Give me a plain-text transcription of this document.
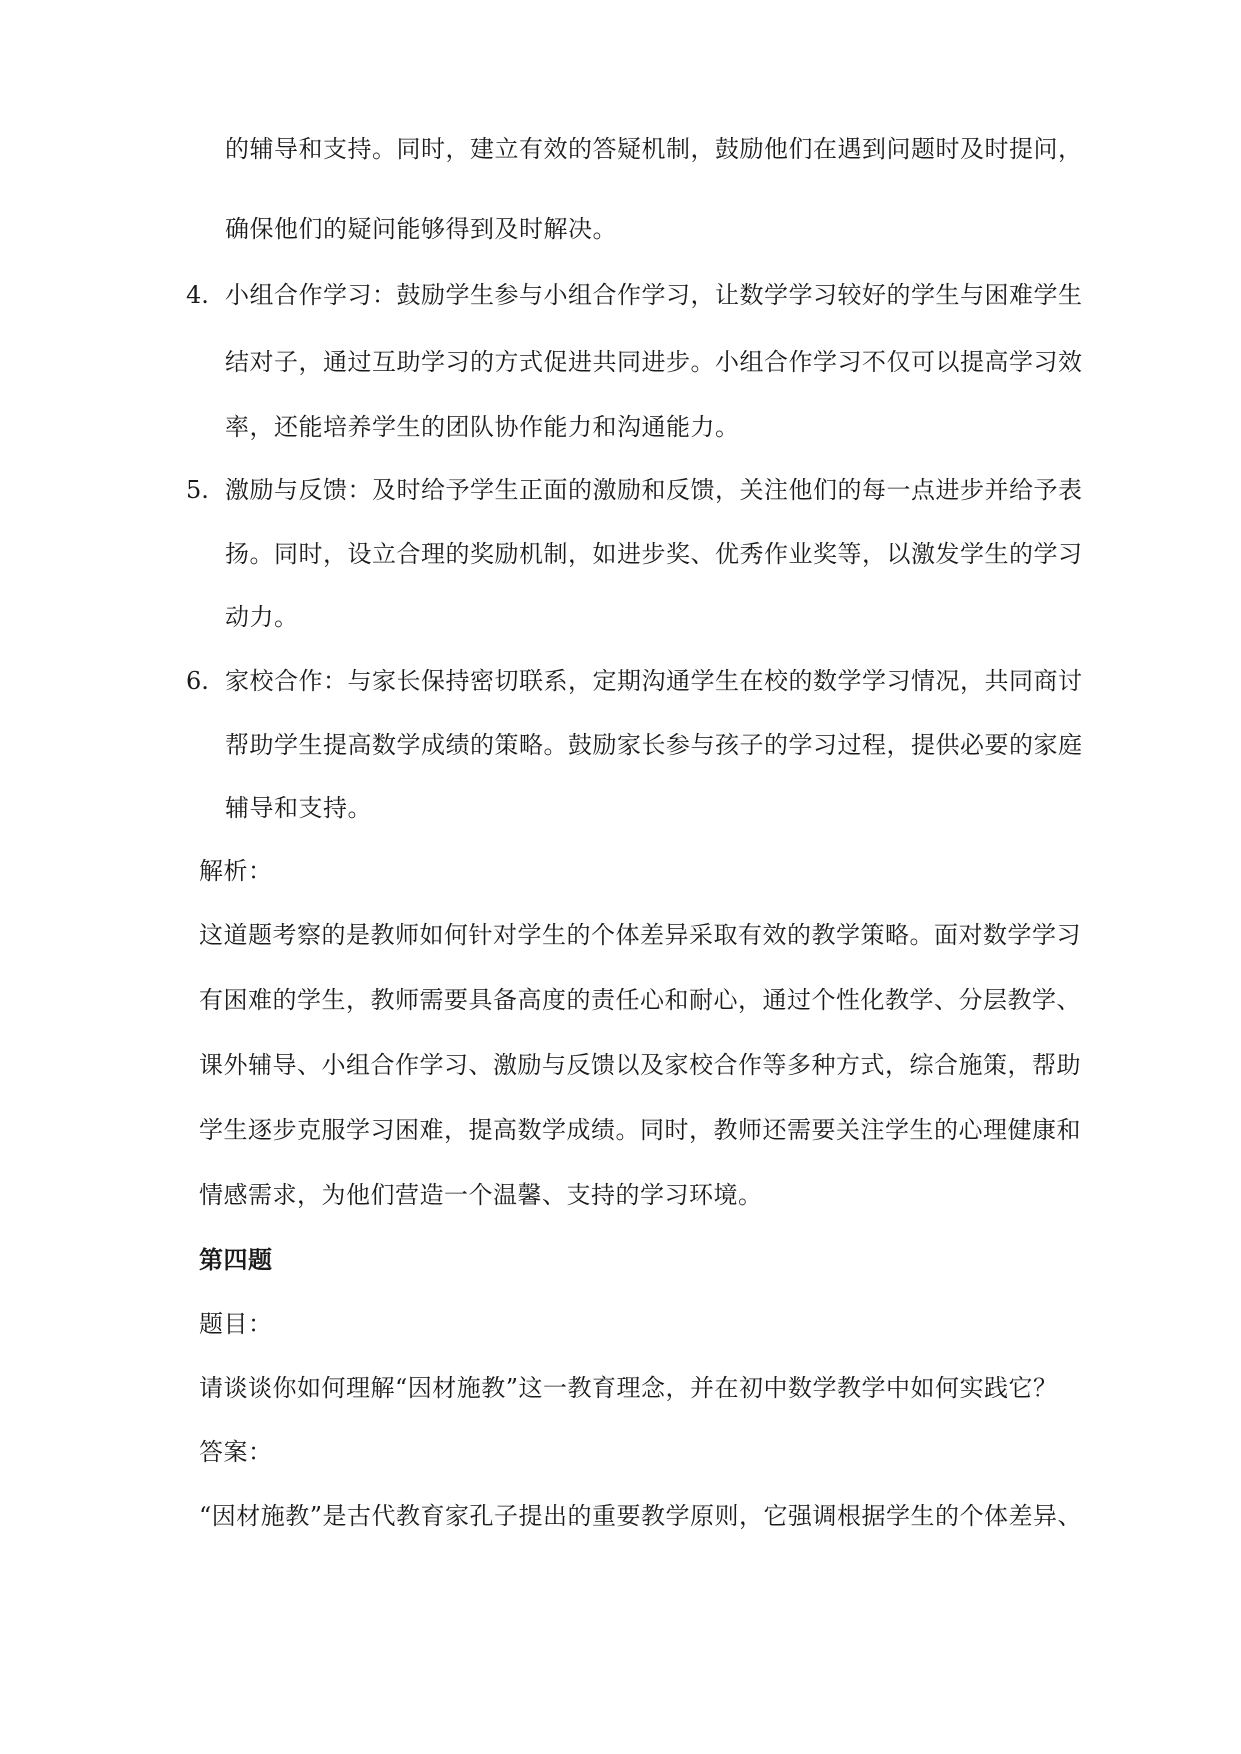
的辅导和支持。同时，建立有效的答疑机制，鼓励他们在遇到问题时及时提问，
确保他们的疑问能够得到及时解决。
4. 小组合作学习：鼓励学生参与小组合作学习，让数学学习较好的学生与困难学生
结对子，通过互助学习的方式促进共同进步。小组合作学习不仅可以提高学习效
率，还能培养学生的团队协作能力和沟通能力。
5. 激励与反馈：及时给予学生正面的激励和反馈，关注他们的每一点进步并给予表
扬。同时，设立合理的奖励机制，如进步奖、优秀作业奖等，以激发学生的学习
动力。
6. 家校合作：与家长保持密切联系，定期沟通学生在校的数学学习情况，共同商讨
帮助学生提高数学成绩的策略。鼓励家长参与孩子的学习过程，提供必要的家庭
辅导和支持。
解析：
这道题考察的是教师如何针对学生的个体差异采取有效的教学策略。面对数学学习
有困难的学生，教师需要具备高度的责任心和耐心，通过个性化教学、分层教学、
课外辅导、小组合作学习、激励与反馈以及家校合作等多种方式，综合施策，帮助
学生逐步克服学习困难，提高数学成绩。同时，教师还需要关注学生的心理健康和
情感需求，为他们营造一个温馨、支持的学习环境。
第四题
题目：
请谈谈你如何理解“因材施教”这一教育理念，并在初中数学教学中如何实践它？
答案：
“因材施教”是古代教育家孔子提出的重要教学原则，它强调根据学生的个体差异、
